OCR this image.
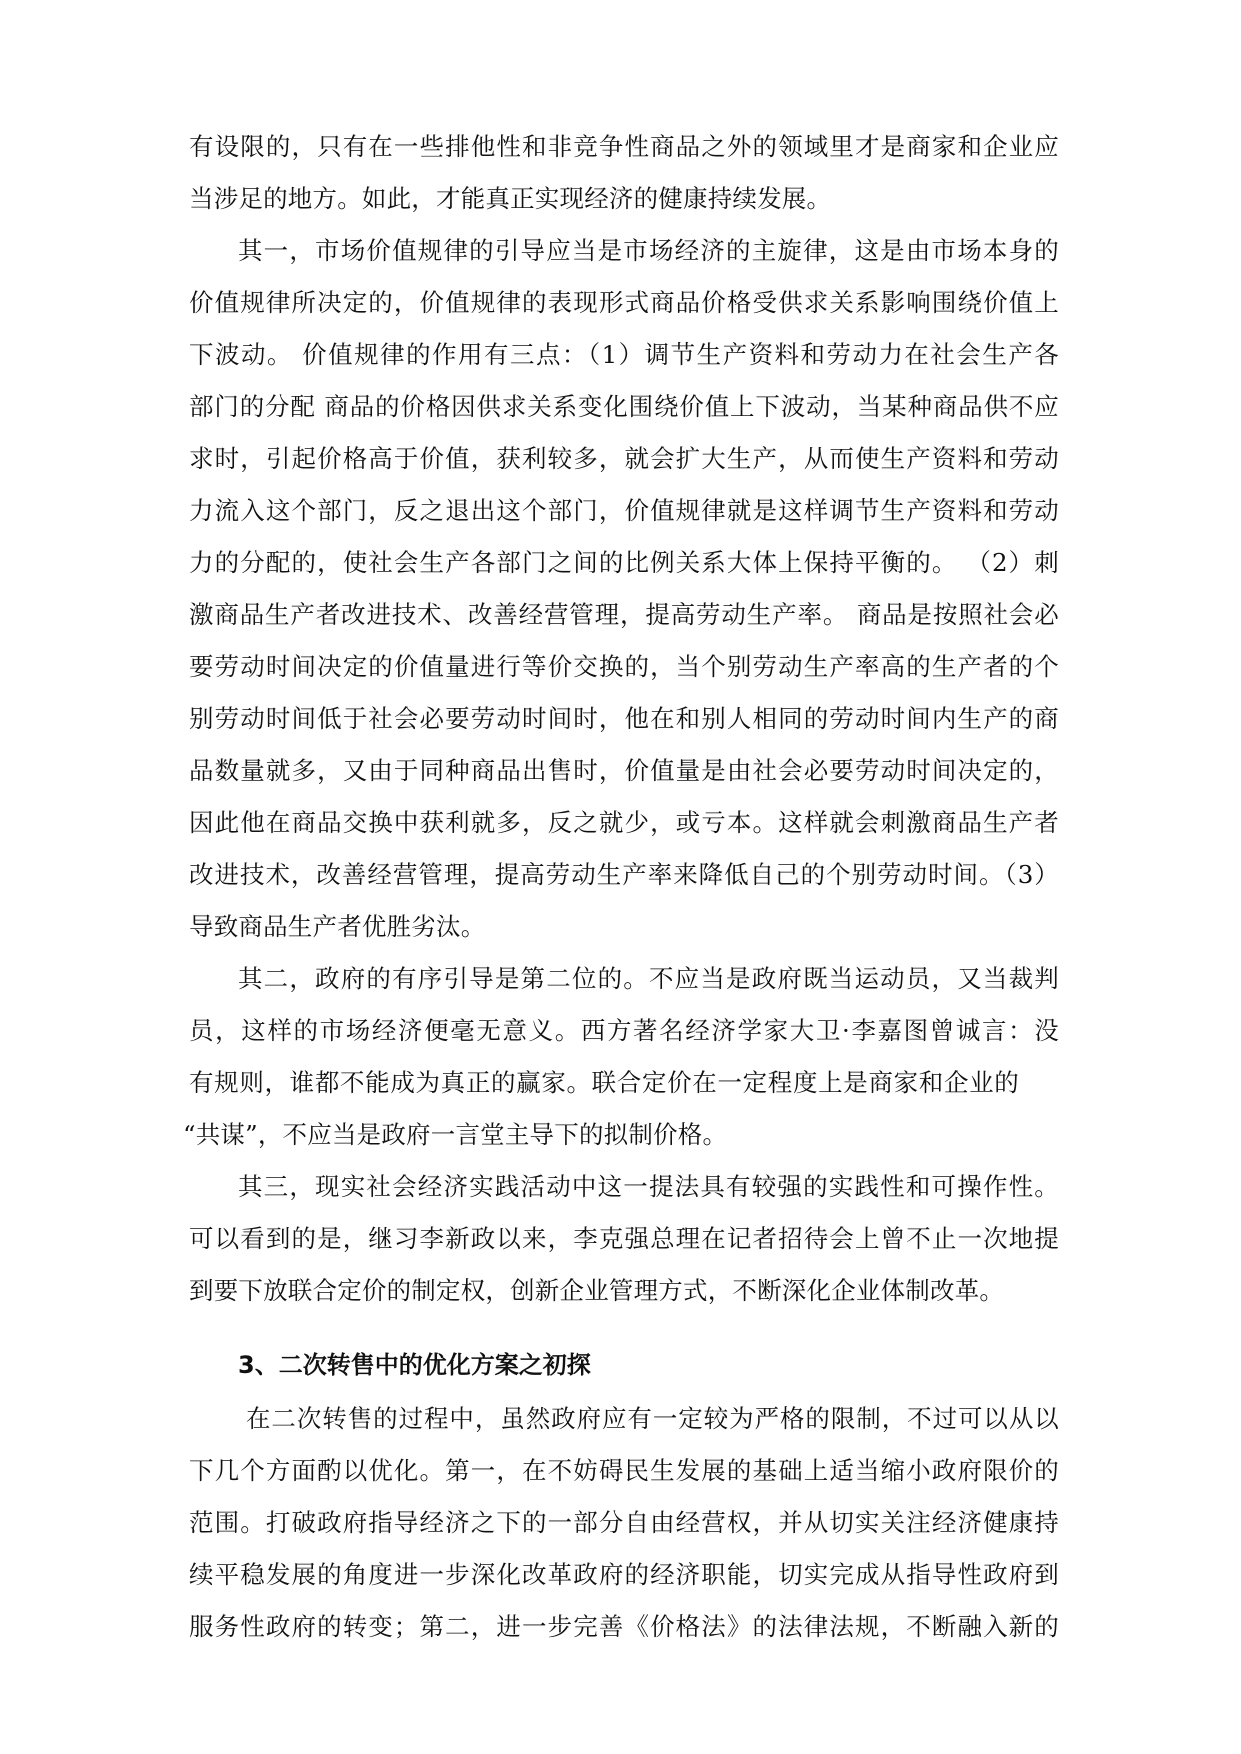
有设限的，只有在一些排他性和非竞争性商品之外的领域里才是商家和企业应
当涉足的地方。如此，才能真正实现经济的健康持续发展。
其一，市场价值规律的引导应当是市场经济的主旋律，这是由市场本身的
价值规律所决定的，价值规律的表现形式商品价格受供求关系影响围绕价值上
下波动。 价值规律的作用有三点：（1）调节生产资料和劳动力在社会生产各
部门的分配 商品的价格因供求关系变化围绕价值上下波动，当某种商品供不应
求时，引起价格高于价值，获利较多，就会扩大生产，从而使生产资料和劳动
力流入这个部门，反之退出这个部门，价值规律就是这样调节生产资料和劳动
力的分配的，使社会生产各部门之间的比例关系大体上保持平衡的。 （2）刺
激商品生产者改进技术、改善经营管理，提高劳动生产率。 商品是按照社会必
要劳动时间决定的价值量进行等价交换的，当个别劳动生产率高的生产者的个
别劳动时间低于社会必要劳动时间时，他在和别人相同的劳动时间内生产的商
品数量就多，又由于同种商品出售时，价值量是由社会必要劳动时间决定的，
因此他在商品交换中获利就多，反之就少，或亏本。这样就会刺激商品生产者
改进技术，改善经营管理，提高劳动生产率来降低自己的个别劳动时间。（3）
导致商品生产者优胜劣汰。
其二，政府的有序引导是第二位的。不应当是政府既当运动员，又当裁判
员，这样的市场经济便毫无意义。西方著名经济学家大卫·李嘉图曾诚言：没
有规则，谁都不能成为真正的赢家。联合定价在一定程度上是商家和企业的
“共谋”，不应当是政府一言堂主导下的拟制价格。
其三，现实社会经济实践活动中这一提法具有较强的实践性和可操作性。
可以看到的是，继习李新政以来，李克强总理在记者招待会上曾不止一次地提
到要下放联合定价的制定权，创新企业管理方式，不断深化企业体制改革。
3、二次转售中的优化方案之初探
在二次转售的过程中，虽然政府应有一定较为严格的限制，不过可以从以
下几个方面酌以优化。第一，在不妨碍民生发展的基础上适当缩小政府限价的
范围。打破政府指导经济之下的一部分自由经营权，并从切实关注经济健康持
续平稳发展的角度进一步深化改革政府的经济职能，切实完成从指导性政府到
服务性政府的转变；第二，进一步完善《价格法》的法律法规，不断融入新的
